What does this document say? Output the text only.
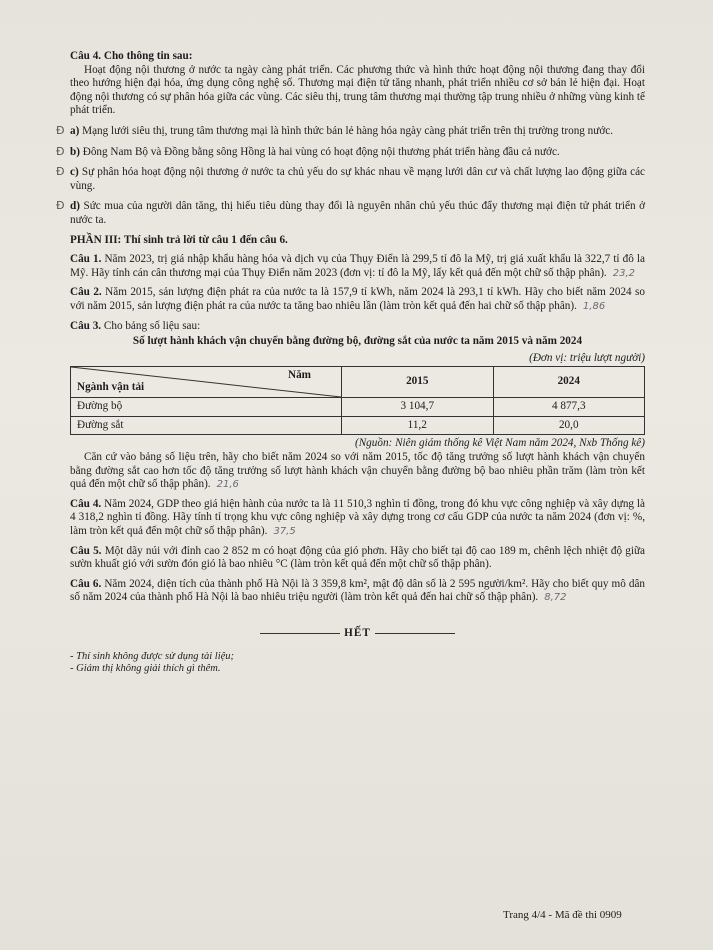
Câu 4. Cho thông tin sau:

Hoạt động nội thương ở nước ta ngày càng phát triển. Các phương thức và hình thức hoạt động nội thương đang thay đổi theo hướng hiện đại hóa, ứng dụng công nghệ số. Thương mại điện tử tăng nhanh, phát triển nhiều cơ sở bán lẻ hiện đại. Hoạt động nội thương có sự phân hóa giữa các vùng. Các siêu thị, trung tâm thương mại thường tập trung nhiều ở những vùng kinh tế phát triển.

Đ a) Mạng lưới siêu thị, trung tâm thương mại là hình thức bán lẻ hàng hóa ngày càng phát triển trên thị trường trong nước.

Đ b) Đông Nam Bộ và Đồng bằng sông Hồng là hai vùng có hoạt động nội thương phát triển hàng đầu cả nước.

Đ c) Sự phân hóa hoạt động nội thương ở nước ta chủ yếu do sự khác nhau về mạng lưới dân cư và chất lượng lao động giữa các vùng.

Đ d) Sức mua của người dân tăng, thị hiếu tiêu dùng thay đổi là nguyên nhân chủ yếu thúc đẩy thương mại điện tử phát triển ở nước ta.

PHẦN III: Thí sinh trả lời từ câu 1 đến câu 6.

Câu 1. Năm 2023, trị giá nhập khẩu hàng hóa và dịch vụ của Thụy Điển là 299,5 tỉ đô la Mỹ, trị giá xuất khẩu là 322,7 tỉ đô la Mỹ. Hãy tính cán cân thương mại của Thụy Điển năm 2023 (đơn vị: tỉ đô la Mỹ, lấy kết quả đến một chữ số thập phân). 23,2

Câu 2. Năm 2015, sản lượng điện phát ra của nước ta là 157,9 tỉ kWh, năm 2024 là 293,1 tỉ kWh. Hãy cho biết năm 2024 so với năm 2015, sản lượng điện phát ra của nước ta tăng bao nhiêu lần (làm tròn kết quả đến hai chữ số thập phân). 1,86

Câu 3. Cho bảng số liệu sau:

Số lượt hành khách vận chuyển bằng đường bộ, đường sắt của nước ta năm 2015 và năm 2024

(Đơn vị: triệu lượt người)

Năm
Ngành vận tải	2015	2024
Đường bộ	3 104,7	4 877,3
Đường sắt	11,2	20,0

(Nguồn: Niên giám thống kê Việt Nam năm 2024, Nxb Thống kê)

Căn cứ vào bảng số liệu trên, hãy cho biết năm 2024 so với năm 2015, tốc độ tăng trưởng số lượt hành khách vận chuyển bằng đường sắt cao hơn tốc độ tăng trưởng số lượt hành khách vận chuyển bằng đường bộ bao nhiêu phần trăm (làm tròn kết quả đến một chữ số thập phân). 21,6

Câu 4. Năm 2024, GDP theo giá hiện hành của nước ta là 11 510,3 nghìn tỉ đồng, trong đó khu vực công nghiệp và xây dựng là 4 318,2 nghìn tỉ đồng. Hãy tính tỉ trọng khu vực công nghiệp và xây dựng trong cơ cấu GDP của nước ta năm 2024 (đơn vị: %, làm tròn kết quả đến một chữ số thập phân). 37,5

Câu 5. Một dãy núi với đỉnh cao 2 852 m có hoạt động của gió phơn. Hãy cho biết tại độ cao 189 m, chênh lệch nhiệt độ giữa sườn khuất gió với sườn đón gió là bao nhiêu °C (làm tròn kết quả đến một chữ số thập phân).

Câu 6. Năm 2024, diện tích của thành phố Hà Nội là 3 359,8 km², mật độ dân số là 2 595 người/km². Hãy cho biết quy mô dân số năm 2024 của thành phố Hà Nội là bao nhiêu triệu người (làm tròn kết quả đến hai chữ số thập phân). 8,72

HẾT

- Thí sinh không được sử dụng tài liệu;

- Giám thị không giải thích gì thêm.

Trang 4/4 - Mã đề thi 0909
